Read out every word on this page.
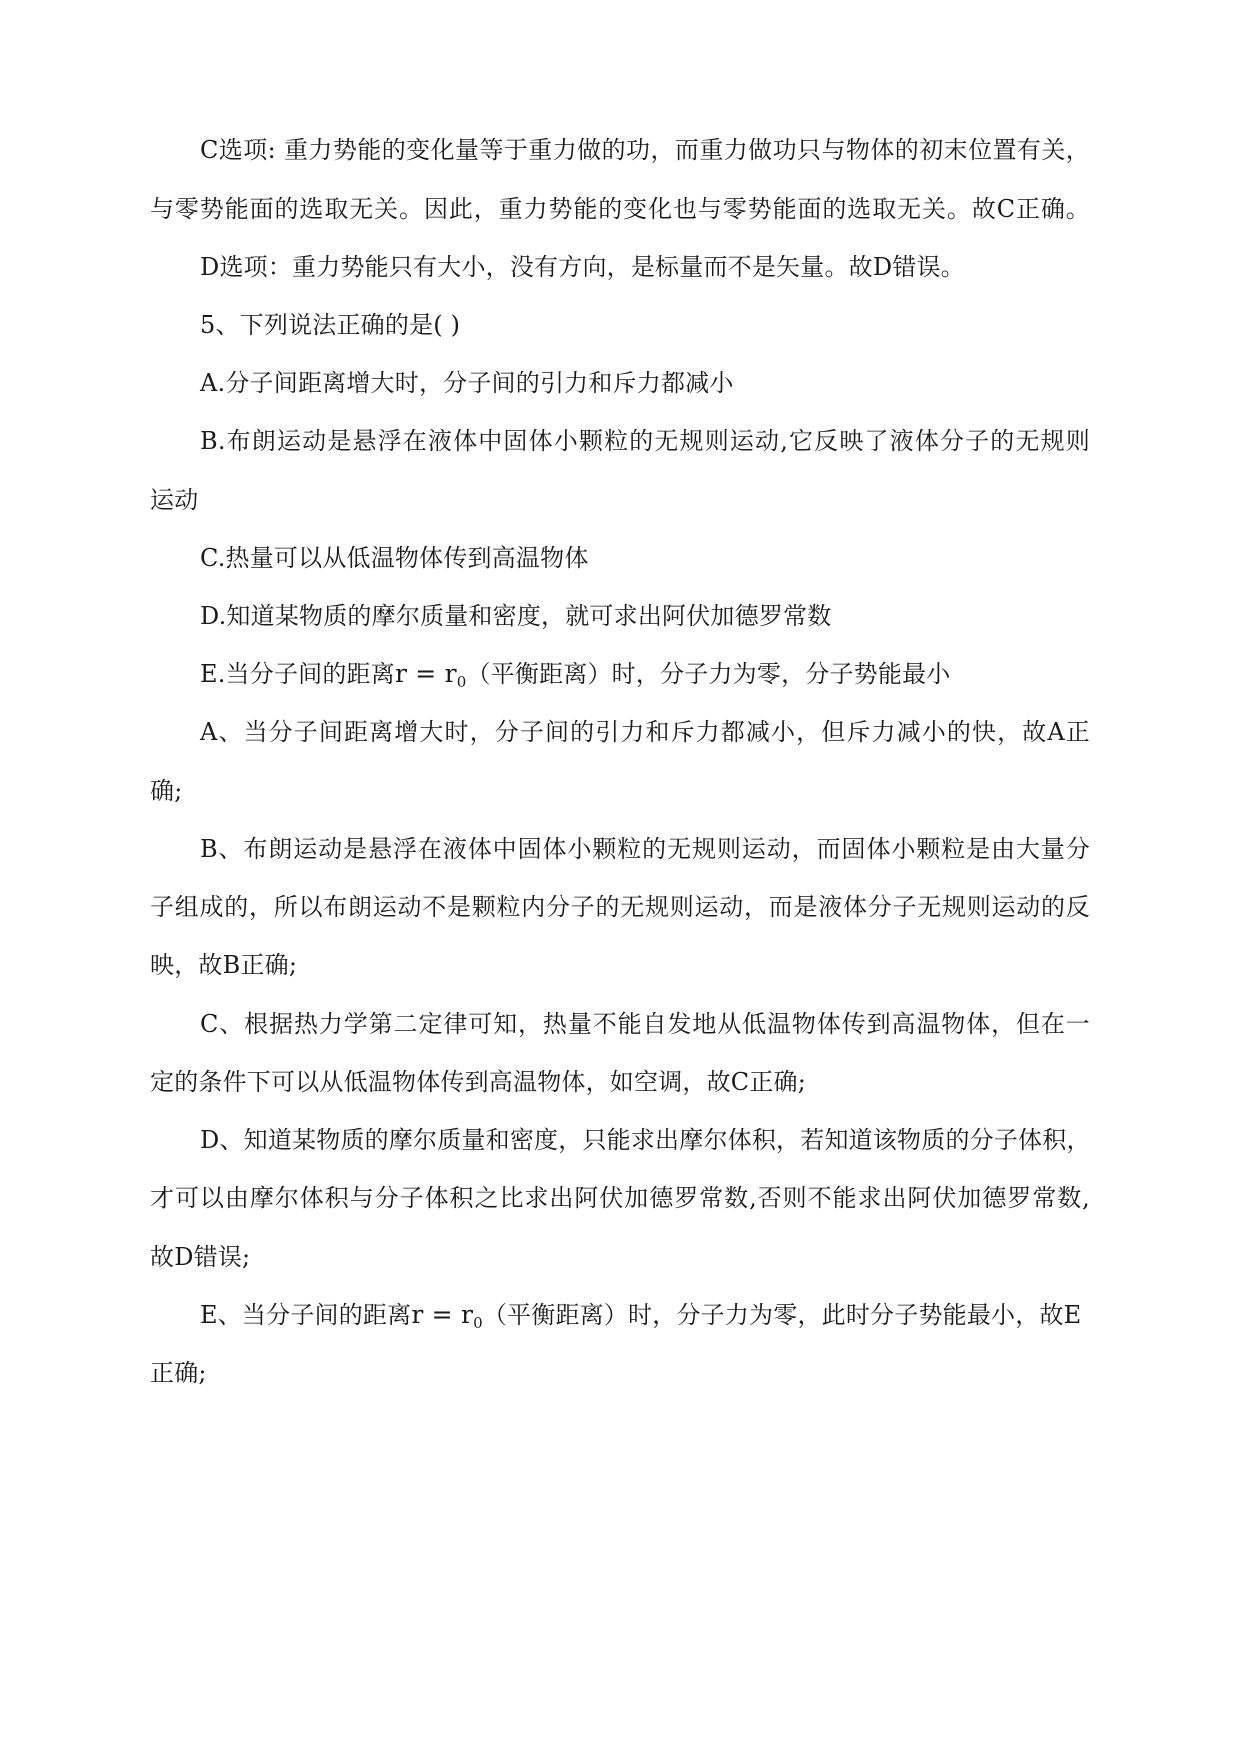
C选项: 重力势能的变化量等于重力做的功，而重力做功只与物体的初末位置有关，
与零势能面的选取无关。因此，重力势能的变化也与零势能面的选取无关。故C正确。
D选项：重力势能只有大小，没有方向，是标量而不是矢量。故D错误。
5、下列说法正确的是( )
A.分子间距离增大时，分子间的引力和斥力都减小
B.布朗运动是悬浮在液体中固体小颗粒的无规则运动,它反映了液体分子的无规则
运动
C.热量可以从低温物体传到高温物体
D.知道某物质的摩尔质量和密度，就可求出阿伏加德罗常数
E.当分子间的距离$r = r_0$（平衡距离）时，分子力为零，分子势能最小
A、当分子间距离增大时，分子间的引力和斥力都减小，但斥力减小的快，故A正
确;
B、布朗运动是悬浮在液体中固体小颗粒的无规则运动，而固体小颗粒是由大量分
子组成的，所以布朗运动不是颗粒内分子的无规则运动，而是液体分子无规则运动的反
映，故B正确;
C、根据热力学第二定律可知，热量不能自发地从低温物体传到高温物体，但在一
定的条件下可以从低温物体传到高温物体，如空调，故C正确;
D、知道某物质的摩尔质量和密度，只能求出摩尔体积，若知道该物质的分子体积，
才可以由摩尔体积与分子体积之比求出阿伏加德罗常数,否则不能求出阿伏加德罗常数,
故D错误;
E、当分子间的距离$r = r_0$（平衡距离）时，分子力为零，此时分子势能最小，故E
正确;
